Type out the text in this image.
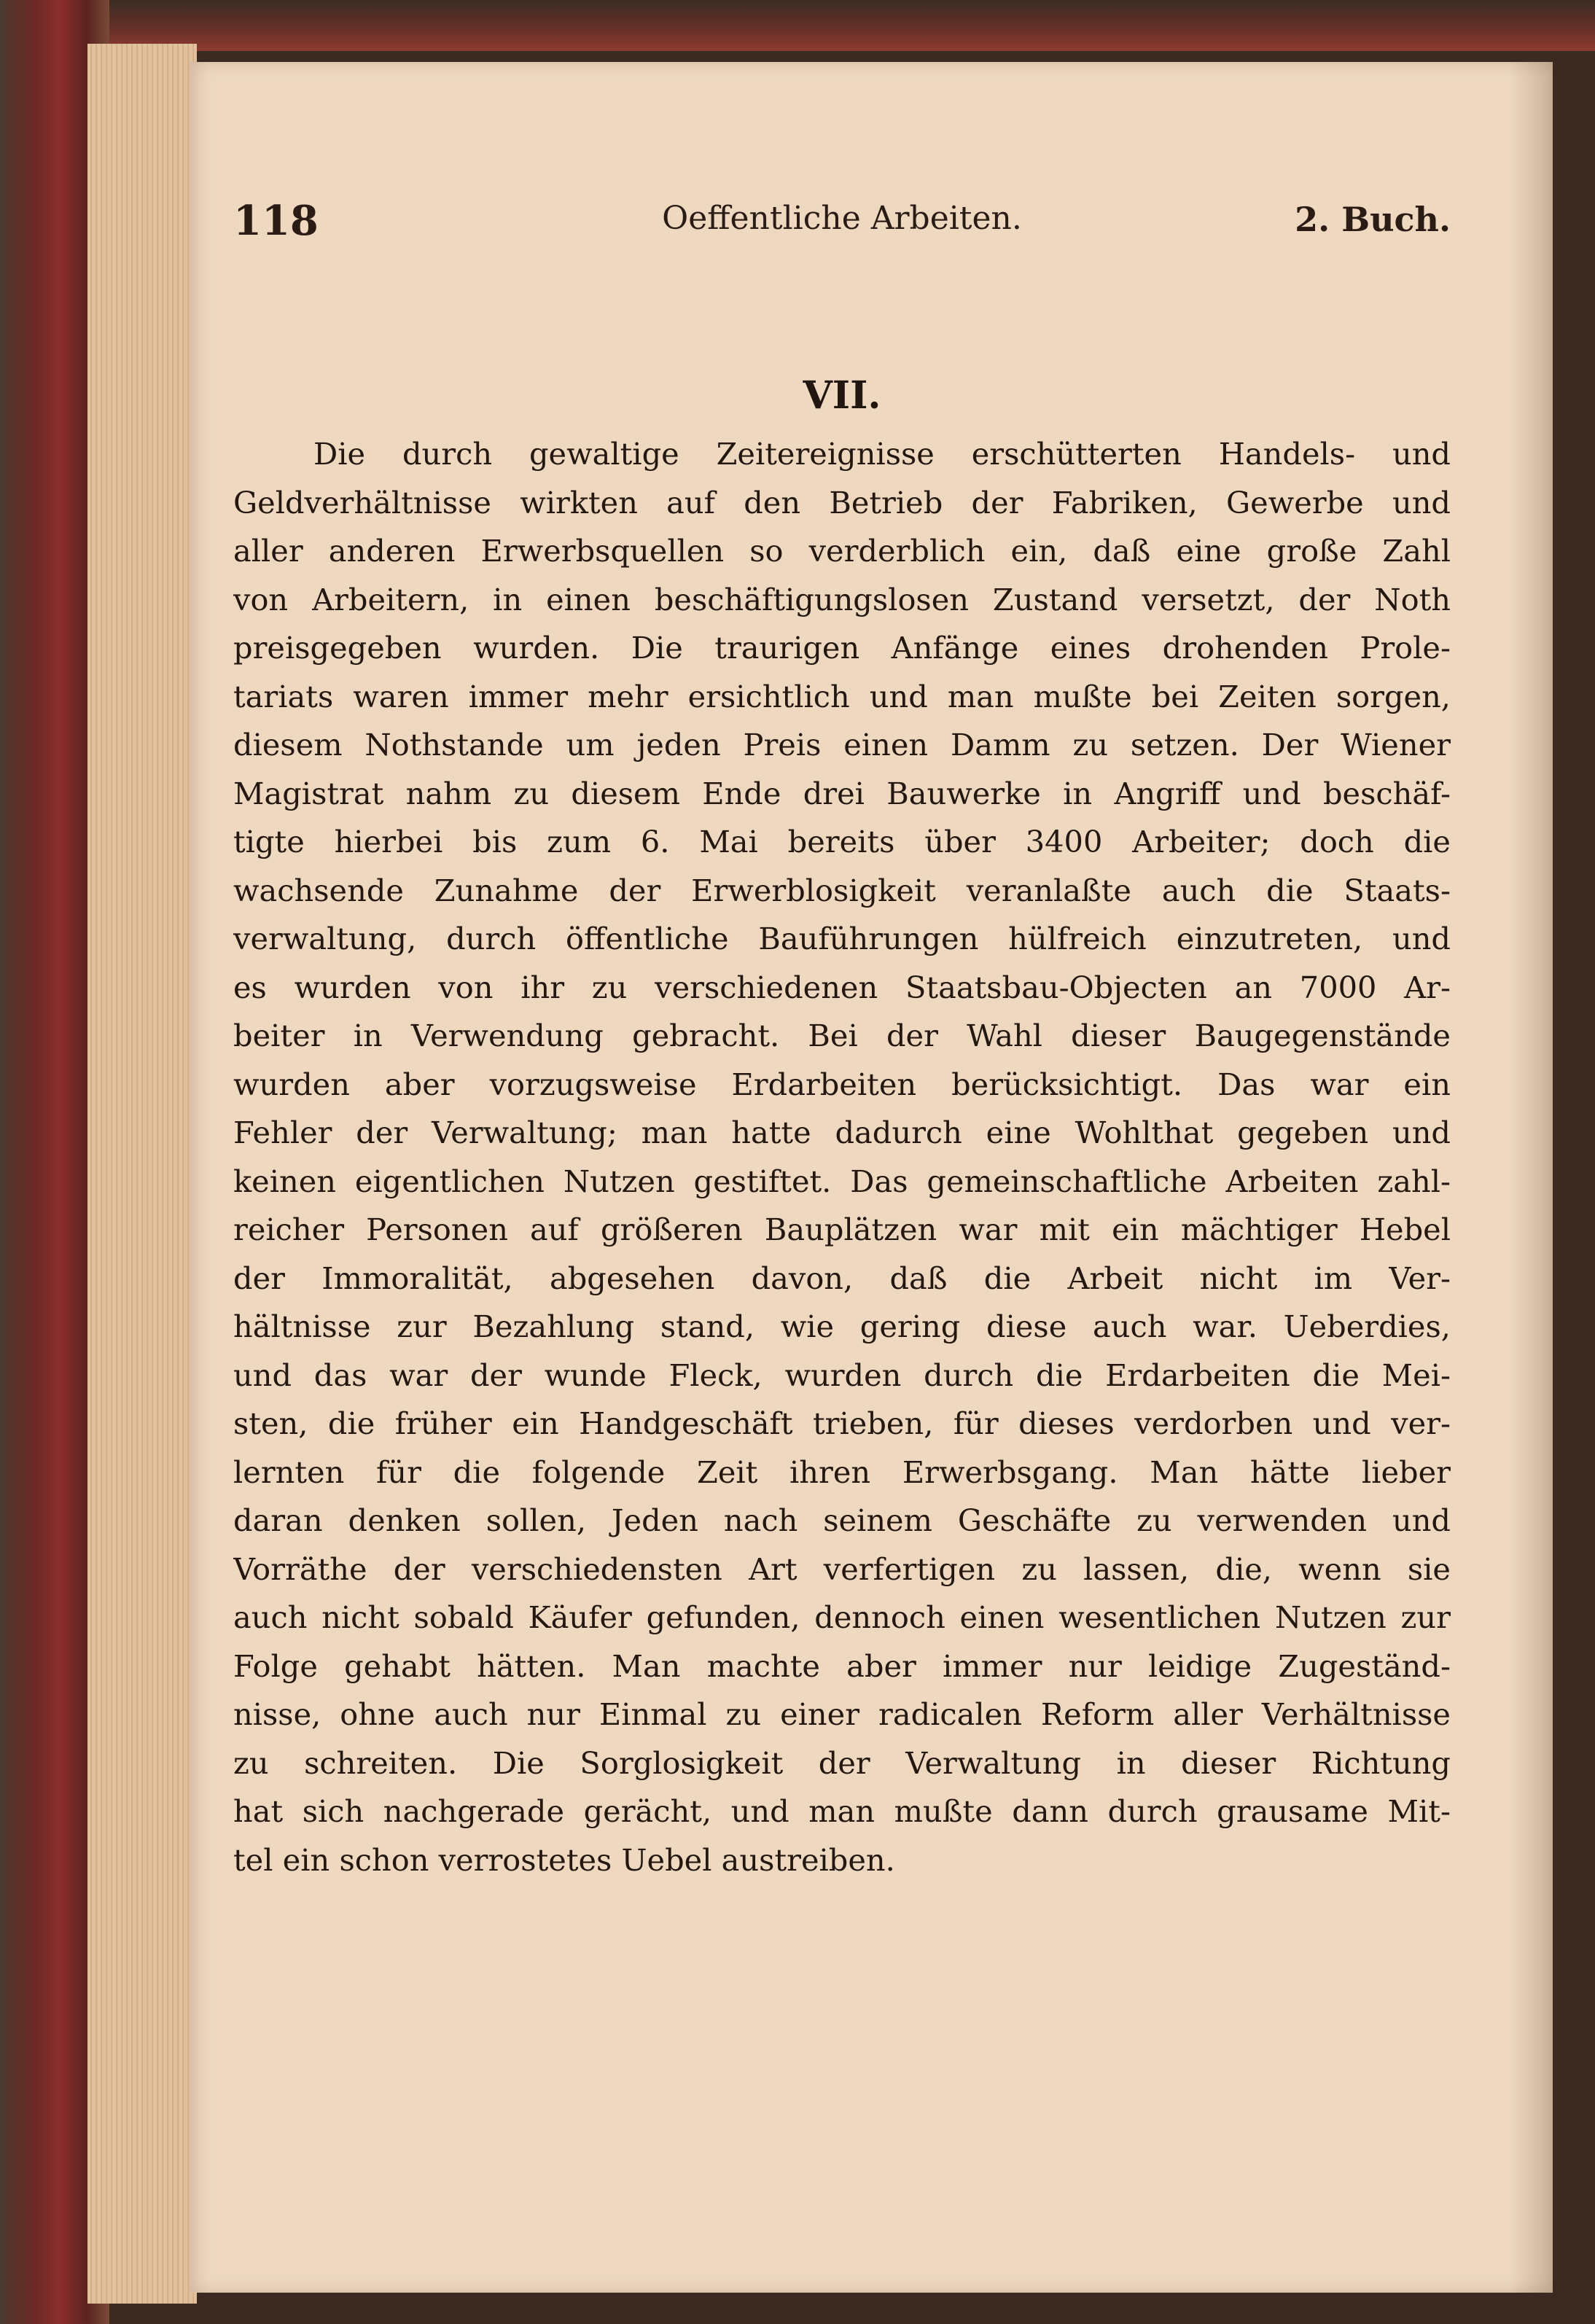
118	Oeffentliche Arbeiten.	2. Buch.
VII.
Die durch gewaltige Zeitereignisse erschütterten Handels- und
Geldverhältnisse wirkten auf den Betrieb der Fabriken, Gewerbe und
aller anderen Erwerbsquellen so verderblich ein, daß eine große Zahl
von Arbeitern, in einen beschäftigungslosen Zustand versetzt, der Noth
preisgegeben wurden. Die traurigen Anfänge eines drohenden Prole-
tariats waren immer mehr ersichtlich und man mußte bei Zeiten sorgen,
diesem Nothstande um jeden Preis einen Damm zu setzen. Der Wiener
Magistrat nahm zu diesem Ende drei Bauwerke in Angriff und beschäf-
tigte hierbei bis zum 6. Mai bereits über 3400 Arbeiter; doch die
wachsende Zunahme der Erwerblosigkeit veranlaßte auch die Staats-
verwaltung, durch öffentliche Bauführungen hülfreich einzutreten, und
es wurden von ihr zu verschiedenen Staatsbau-Objecten an 7000 Ar-
beiter in Verwendung gebracht. Bei der Wahl dieser Baugegenstände
wurden aber vorzugsweise Erdarbeiten berücksichtigt. Das war ein
Fehler der Verwaltung; man hatte dadurch eine Wohlthat gegeben und
keinen eigentlichen Nutzen gestiftet. Das gemeinschaftliche Arbeiten zahl-
reicher Personen auf größeren Bauplätzen war mit ein mächtiger Hebel
der Immoralität, abgesehen davon, daß die Arbeit nicht im Ver-
hältnisse zur Bezahlung stand, wie gering diese auch war. Ueberdies,
und das war der wunde Fleck, wurden durch die Erdarbeiten die Mei-
sten, die früher ein Handgeschäft trieben, für dieses verdorben und ver-
lernten für die folgende Zeit ihren Erwerbsgang. Man hätte lieber
daran denken sollen, Jeden nach seinem Geschäfte zu verwenden und
Vorräthe der verschiedensten Art verfertigen zu lassen, die, wenn sie
auch nicht sobald Käufer gefunden, dennoch einen wesentlichen Nutzen zur
Folge gehabt hätten. Man machte aber immer nur leidige Zugeständ-
nisse, ohne auch nur Einmal zu einer radicalen Reform aller Verhältnisse
zu schreiten. Die Sorglosigkeit der Verwaltung in dieser Richtung
hat sich nachgerade gerächt, und man mußte dann durch grausame Mit-
tel ein schon verrostetes Uebel austreiben.
